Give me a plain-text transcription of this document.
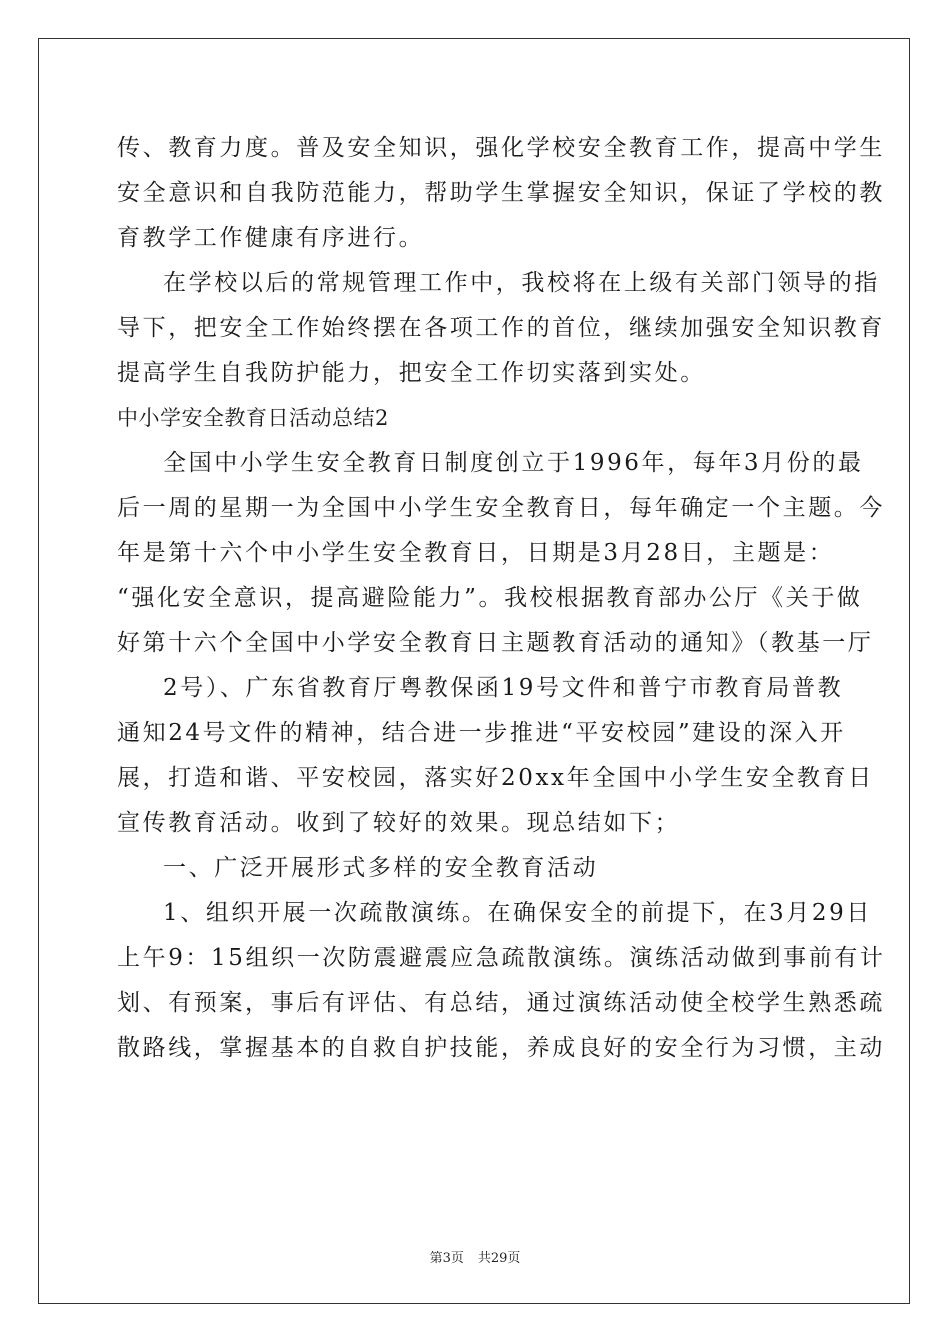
传、教育力度。普及安全知识，强化学校安全教育工作，提高中学生
安全意识和自我防范能力，帮助学生掌握安全知识，保证了学校的教
育教学工作健康有序进行。
在学校以后的常规管理工作中，我校将在上级有关部门领导的指
导下，把安全工作始终摆在各项工作的首位，继续加强安全知识教育
提高学生自我防护能力，把安全工作切实落到实处。
中小学安全教育日活动总结2
全国中小学生安全教育日制度创立于1996年，每年3月份的最
后一周的星期一为全国中小学生安全教育日，每年确定一个主题。今
年是第十六个中小学生安全教育日，日期是3月28日，主题是：
“强化安全意识，提高避险能力”。我校根据教育部办公厅《关于做
好第十六个全国中小学安全教育日主题教育活动的通知》（教基一厅
2号）、广东省教育厅粤教保函19号文件和普宁市教育局普教
通知24号文件的精神，结合进一步推进“平安校园”建设的深入开
展，打造和谐、平安校园，落实好20xx年全国中小学生安全教育日
宣传教育活动。收到了较好的效果。现总结如下；
一、广泛开展形式多样的安全教育活动
1、组织开展一次疏散演练。在确保安全的前提下，在3月29日
上午9：15组织一次防震避震应急疏散演练。演练活动做到事前有计
划、有预案，事后有评估、有总结，通过演练活动使全校学生熟悉疏
散路线，掌握基本的自救自护技能，养成良好的安全行为习惯，主动
第3页 共29页
